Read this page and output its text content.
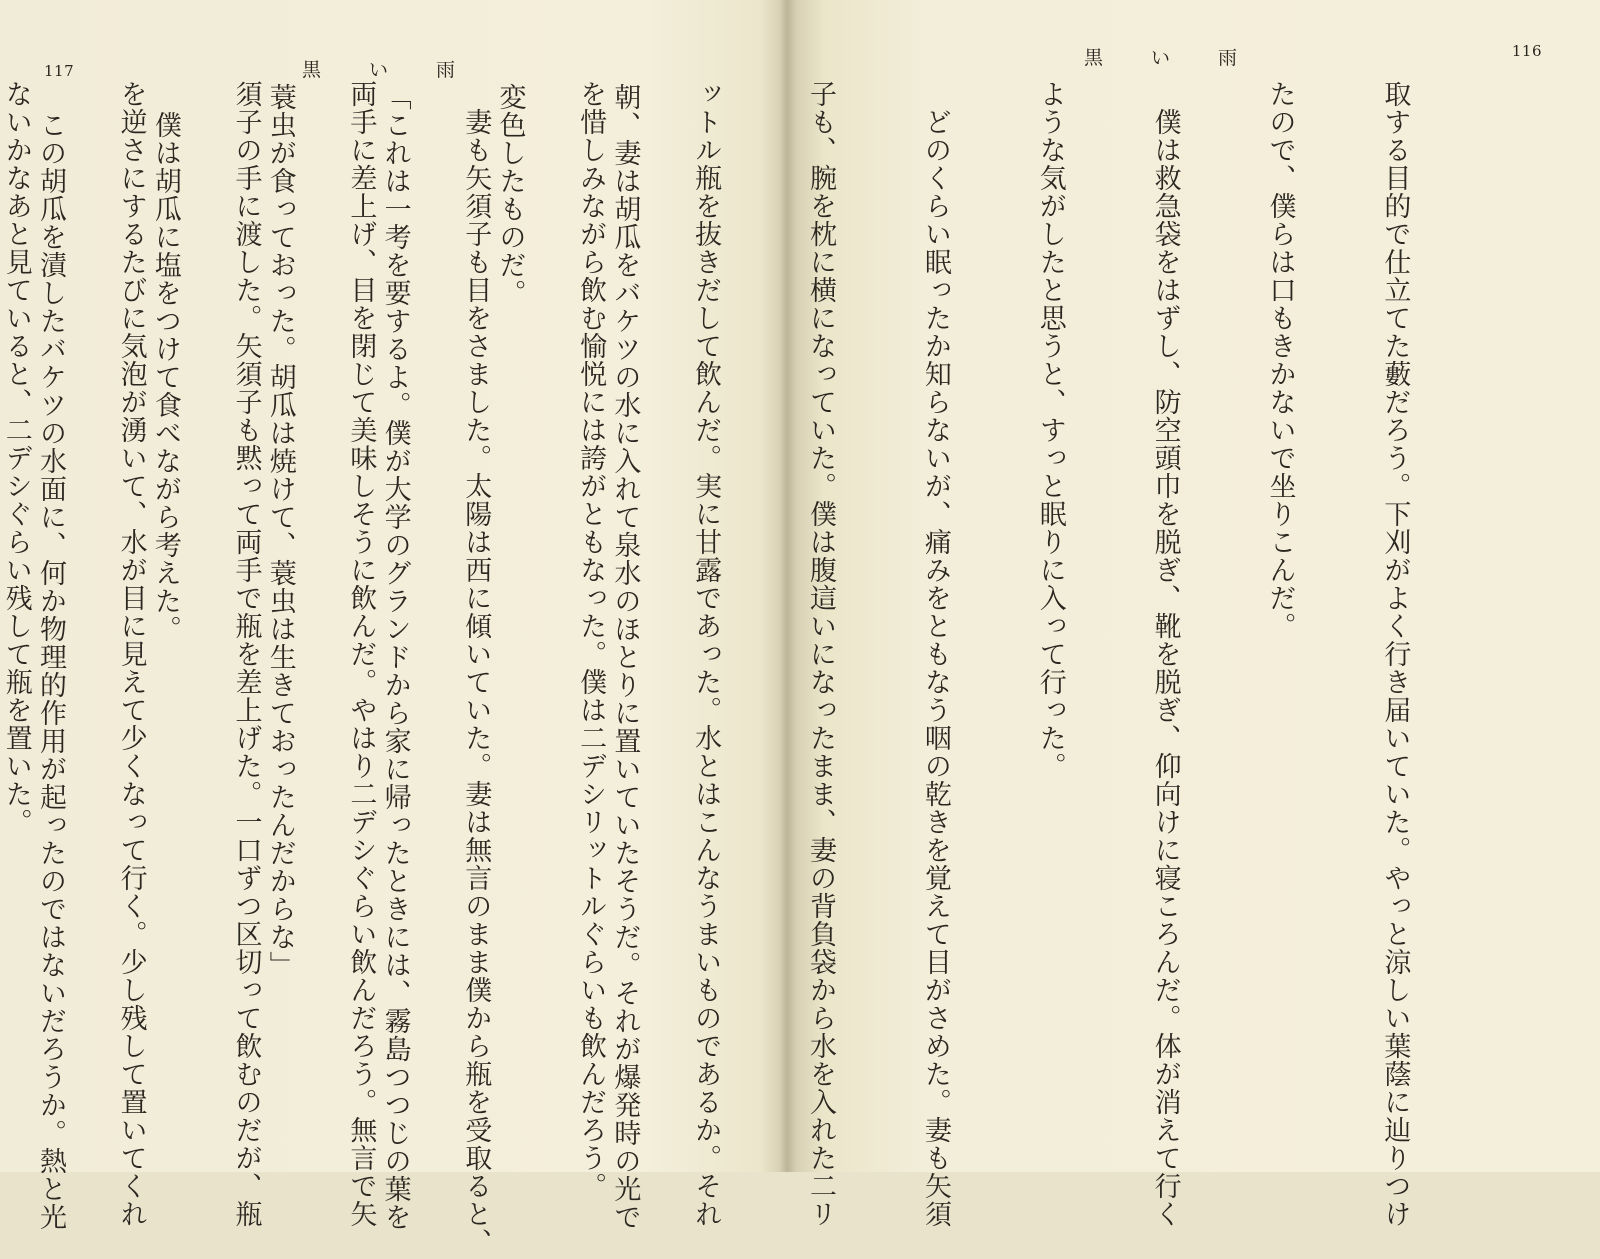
117	黒い雨

朝、妻は胡瓜をバケツの水に入れて泉水のほとりに置いていたそうだ。それが爆発時の光で

変色したものだ。

「これは一考を要するよ。僕が大学のグランドから家に帰ったときには、霧島つつじの葉を

蓑虫が食っておった。胡瓜は焼けて、蓑虫は生きておったんだからな」

　僕は胡瓜に塩をつけて食べながら考えた。

　この胡瓜を漬したバケツの水面に、何か物理的作用が起ったのではないだろうか。熱と光

116
黒い雨

取する目的で仕立てた藪だろう。下刈がよく行き届いていた。やっと涼しい葉蔭に辿りつけ

たので、僕らは口もきかないで坐りこんだ。

　僕は救急袋をはずし、防空頭巾を脱ぎ、靴を脱ぎ、仰向けに寝ころんだ。体が消えて行く

ような気がしたと思うと、すっと眠りに入って行った。

　どのくらい眠ったか知らないが、痛みをともなう咽の乾きを覚えて目がさめた。妻も矢須

子も、腕を枕に横になっていた。僕は腹這いになったまま、妻の背負袋から水を入れた二リ

ットル瓶を抜きだして飲んだ。実に甘露であった。水とはこんなうまいものであるか。それ

を惜しみながら飲む愉悦には誇がともなった。僕は二デシリットルぐらいも飲んだろう。

　妻も矢須子も目をさました。太陽は西に傾いていた。妻は無言のまま僕から瓶を受取ると、

両手に差上げ、目を閉じて美味しそうに飲んだ。やはり二デシぐらい飲んだろう。無言で矢

須子の手に渡した。矢須子も黙って両手で瓶を差上げた。一口ずつ区切って飲むのだが、瓶

を逆さにするたびに気泡が湧いて、水が目に見えて少くなって行く。少し残して置いてくれ

ないかなあと見ていると、二デシぐらい残して瓶を置いた。
